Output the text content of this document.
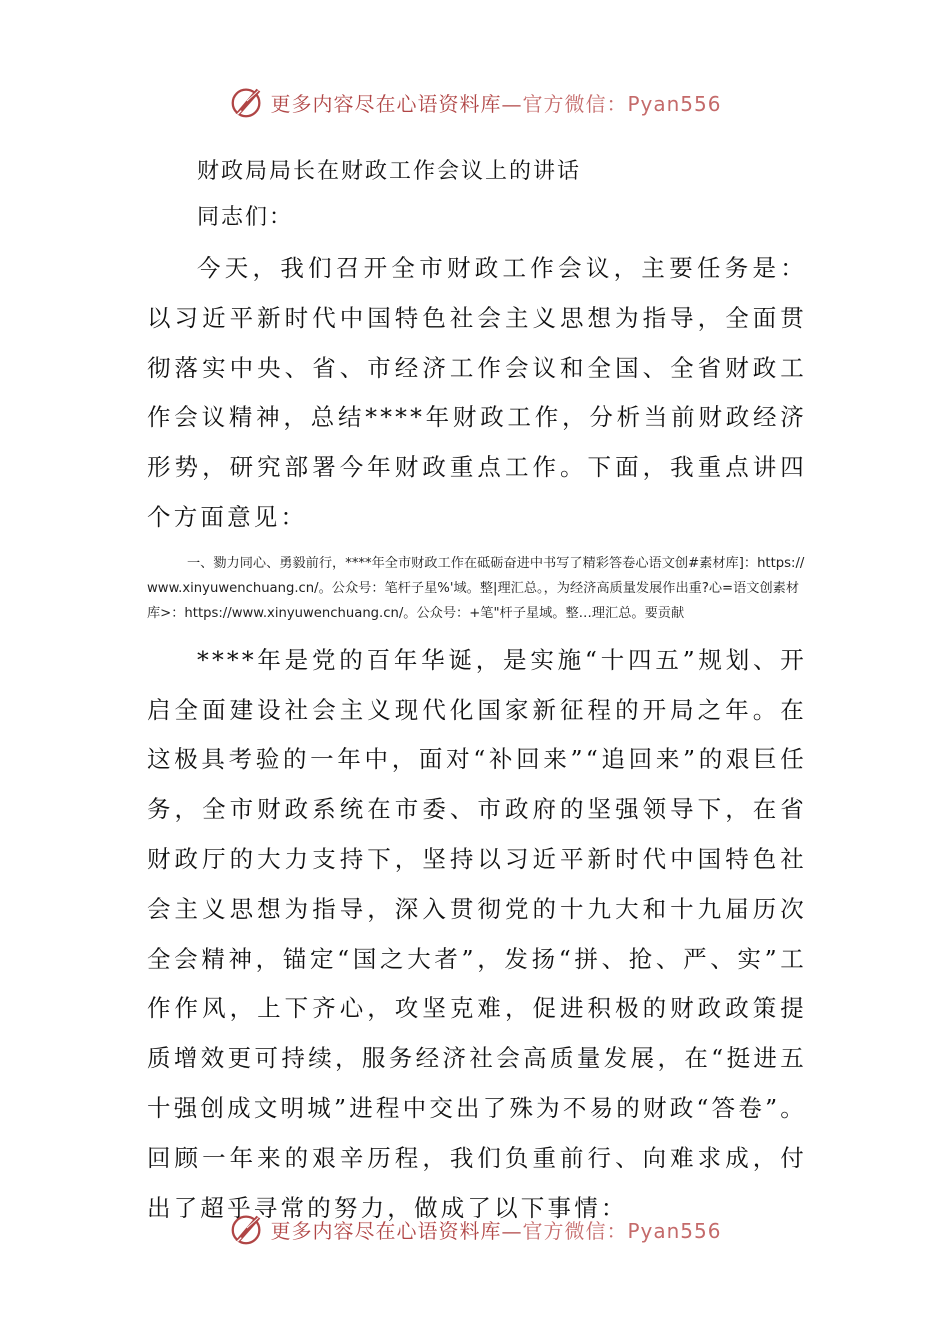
更多内容尽在心语资料库—官方微信：Pyan556
财政局局长在财政工作会议上的讲话
同志们：

今天，我们召开全市财政工作会议，主要任务是：以习近平新时代中国特色社会主义思想为指导，全面贯彻落实中央、省、市经济工作会议和全国、全省财政工作会议精神，总结****年财政工作，分析当前财政经济形势，研究部署今年财政重点工作。下面，我重点讲四个方面意见：

一、勠力同心、勇毅前行，****年全市财政工作在砥砺奋进中书写了精彩答卷心语文创#素材库]：https://www.xinyuwenchuang.cn/。公众号：笔杆子星%'域。整|理汇总。，为经济高质量发展作出重?心=语文创素材库>：https://www.xinyuwenchuang.cn/。公众号：+笔"杆子星域。整…理汇总。要贡献

****年是党的百年华诞，是实施“十四五”规划、开启全面建设社会主义现代化国家新征程的开局之年。在这极具考验的一年中，面对“补回来”“追回来”的艰巨任务，全市财政系统在市委、市政府的坚强领导下，在省财政厅的大力支持下，坚持以习近平新时代中国特色社会主义思想为指导，深入贯彻党的十九大和十九届历次全会精神，锚定“国之大者”，发扬“拼、抢、严、实”工作作风，上下齐心，攻坚克难，促进积极的财政政策提质增效更可持续，服务经济社会高质量发展，在“挺进五十强创成文明城”进程中交出了殊为不易的财政“答卷”。回顾一年来的艰辛历程，我们负重前行、向难求成，付出了超乎寻常的努力，做成了以下事情：

更多内容尽在心语资料库—官方微信：Pyan556
